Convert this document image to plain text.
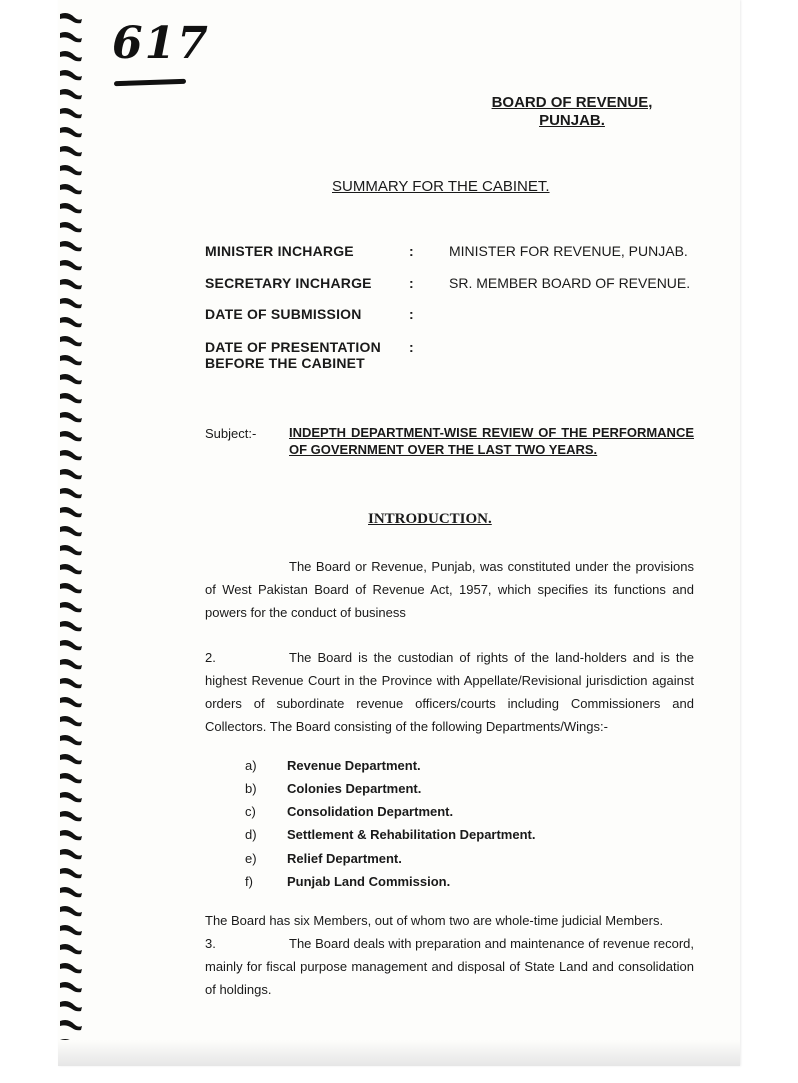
617
BOARD OF REVENUE,
PUNJAB.
SUMMARY FOR THE CABINET.
MINISTER INCHARGE	:	MINISTER FOR REVENUE, PUNJAB.
SECRETARY INCHARGE	:	SR. MEMBER BOARD OF REVENUE.
DATE OF SUBMISSION	:
DATE OF PRESENTATION
BEFORE THE CABINET
:
Subject:-	INDEPTH DEPARTMENT-WISE REVIEW OF THE PERFORMANCE OF GOVERNMENT OVER THE LAST TWO YEARS.
INTRODUCTION.
The Board or Revenue, Punjab, was constituted under the provisions of West Pakistan Board of Revenue Act, 1957, which specifies its functions and powers for the conduct of business
2.	The Board is the custodian of rights of the land-holders and is the highest Revenue Court in the Province with Appellate/Revisional jurisdiction against orders of subordinate revenue officers/courts including Commissioners and Collectors. The Board consisting of the following Departments/Wings:-
a) Revenue Department.
b) Colonies Department.
c) Consolidation Department.
d) Settlement & Rehabilitation Department.
e) Relief Department.
f)	Punjab Land Commission.
The Board has six Members, out of whom two are whole-time judicial Members.
3.	The Board deals with preparation and maintenance of revenue record, mainly for fiscal purpose management and disposal of State Land and consolidation of holdings.
